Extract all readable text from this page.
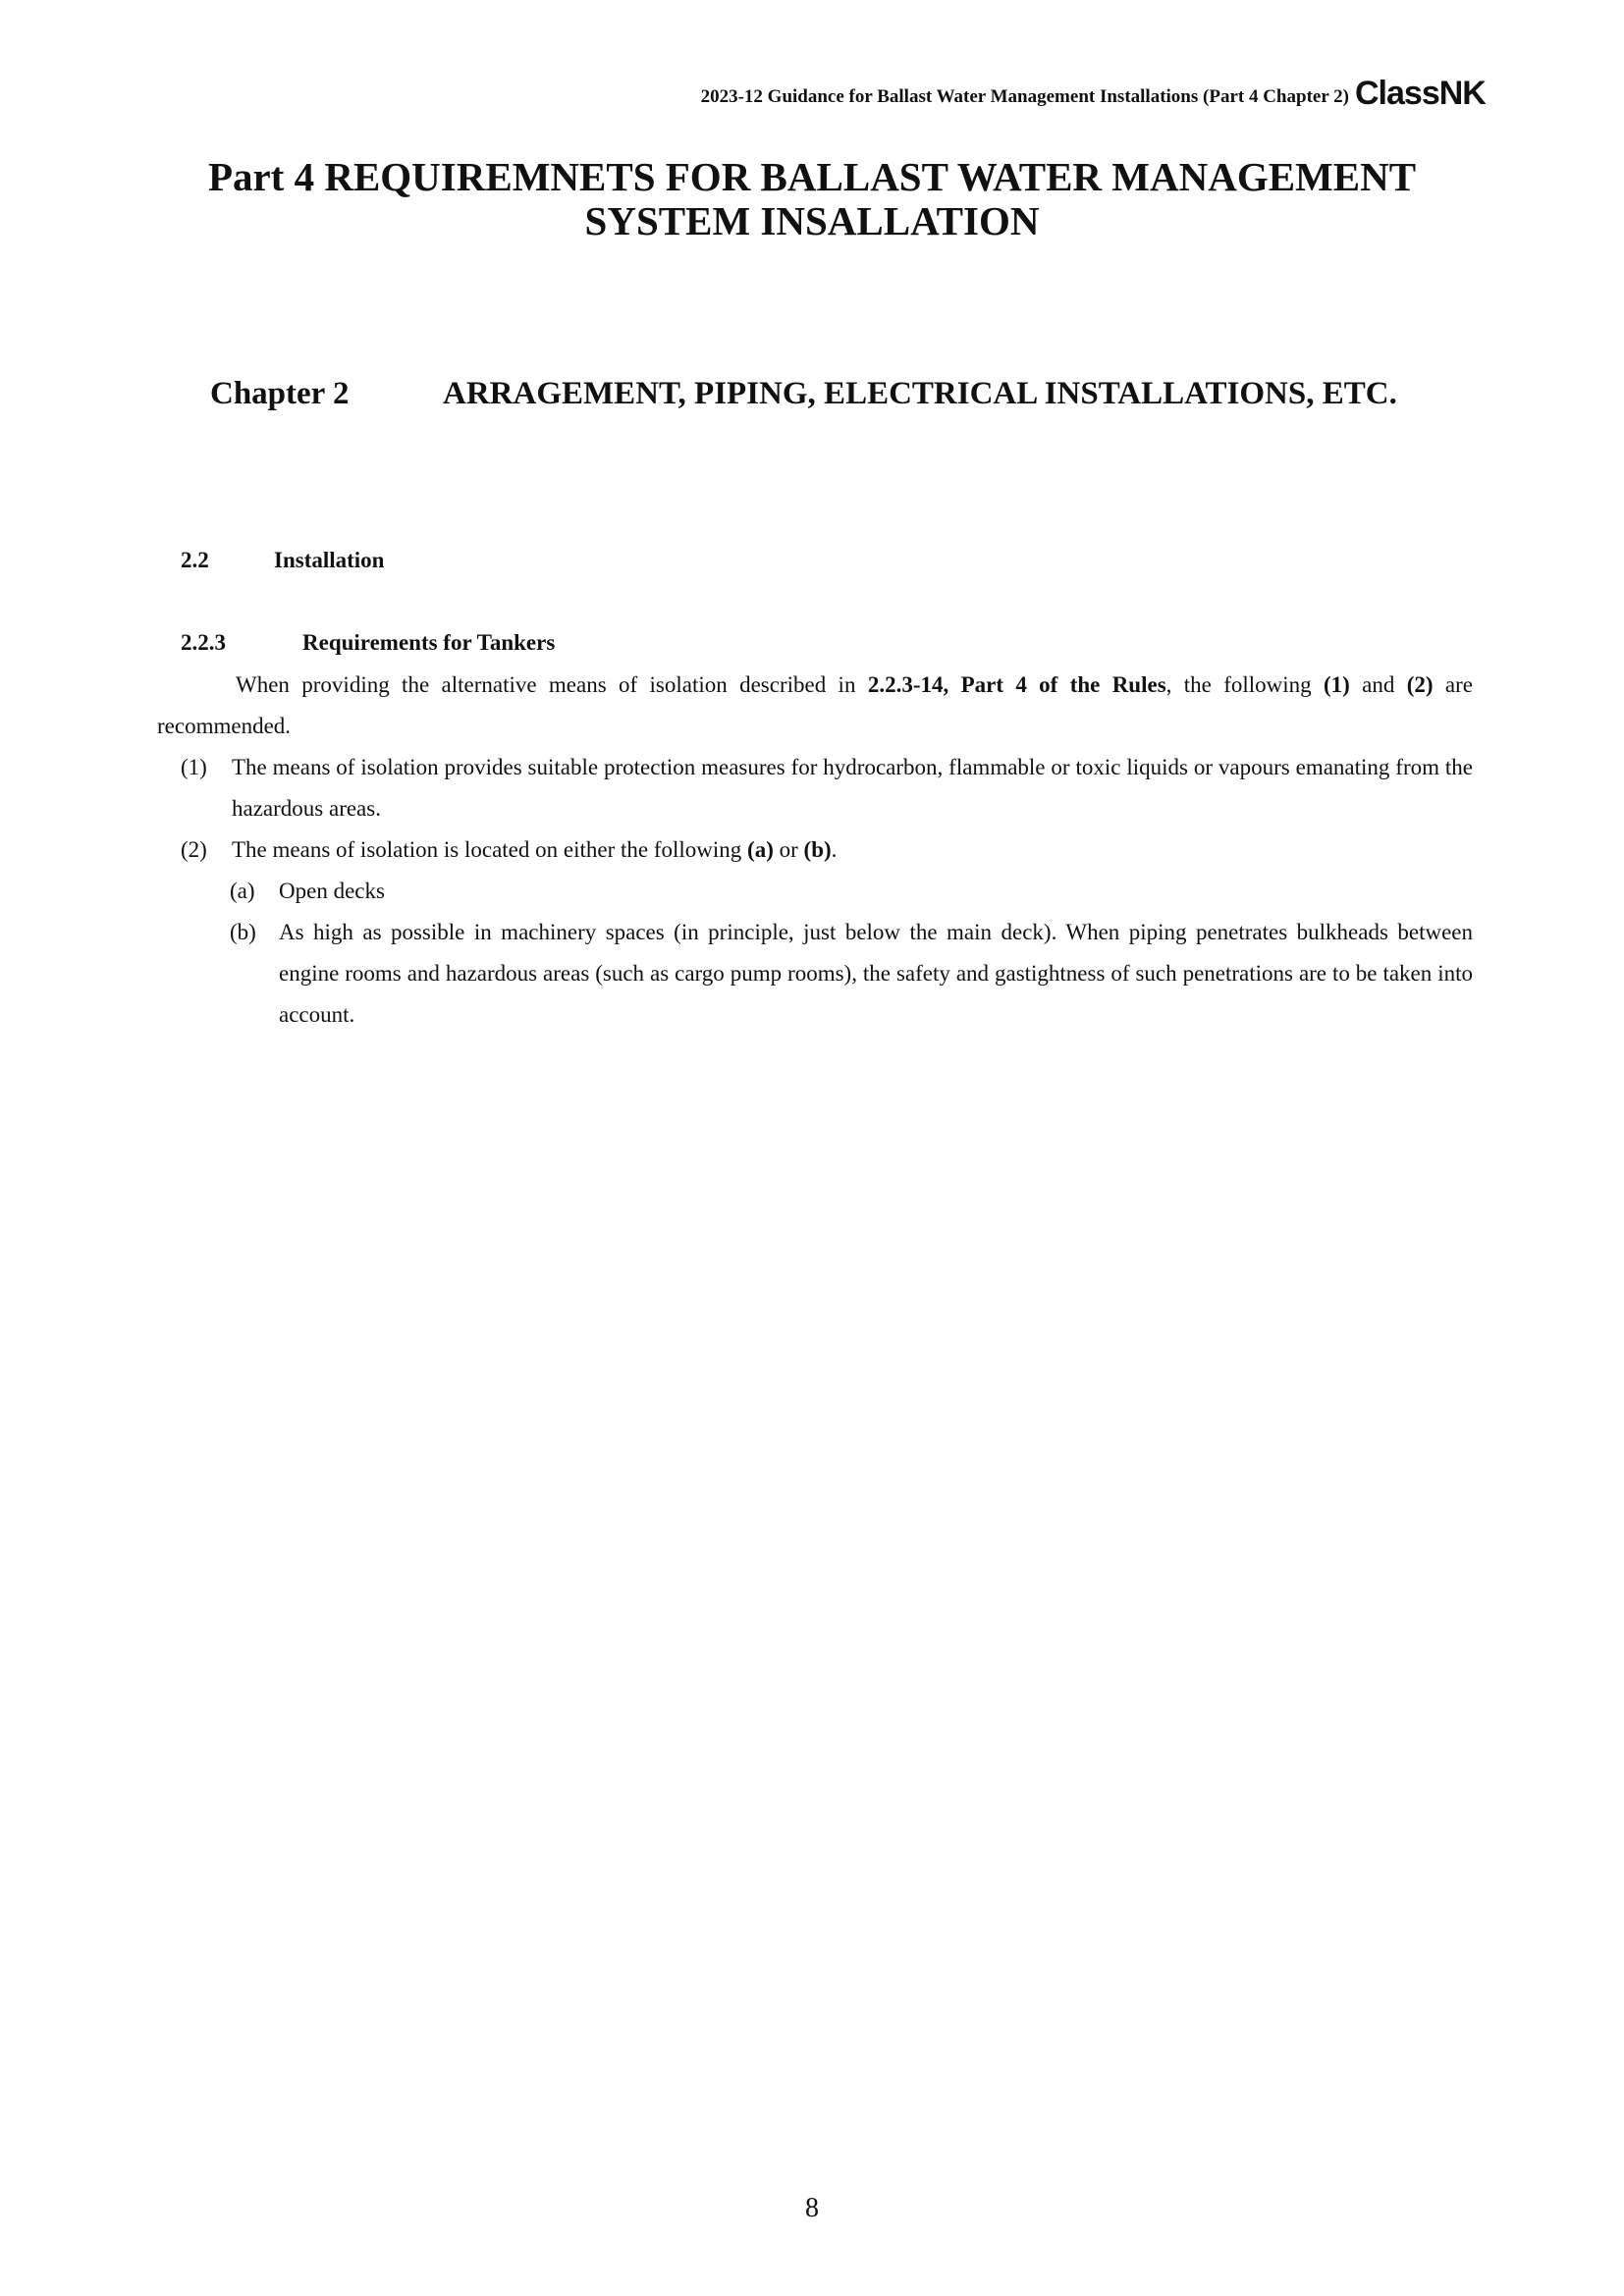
2023-12 Guidance for Ballast Water Management Installations (Part 4 Chapter 2) ClassNK
Part 4 REQUIREMNETS FOR BALLAST WATER MANAGEMENT
SYSTEM INSALLATION
Chapter 2	ARRAGEMENT, PIPING, ELECTRICAL INSTALLATIONS, ETC.
2.2	Installation
2.2.3	Requirements for Tankers
When providing the alternative means of isolation described in 2.2.3-14, Part 4 of the Rules, the following (1) and (2) are recommended.
(1) The means of isolation provides suitable protection measures for hydrocarbon, flammable or toxic liquids or vapours emanating from the hazardous areas.
(2) The means of isolation is located on either the following (a) or (b).
(a) Open decks
(b) As high as possible in machinery spaces (in principle, just below the main deck). When piping penetrates bulkheads between engine rooms and hazardous areas (such as cargo pump rooms), the safety and gastightness of such penetrations are to be taken into account.
8
